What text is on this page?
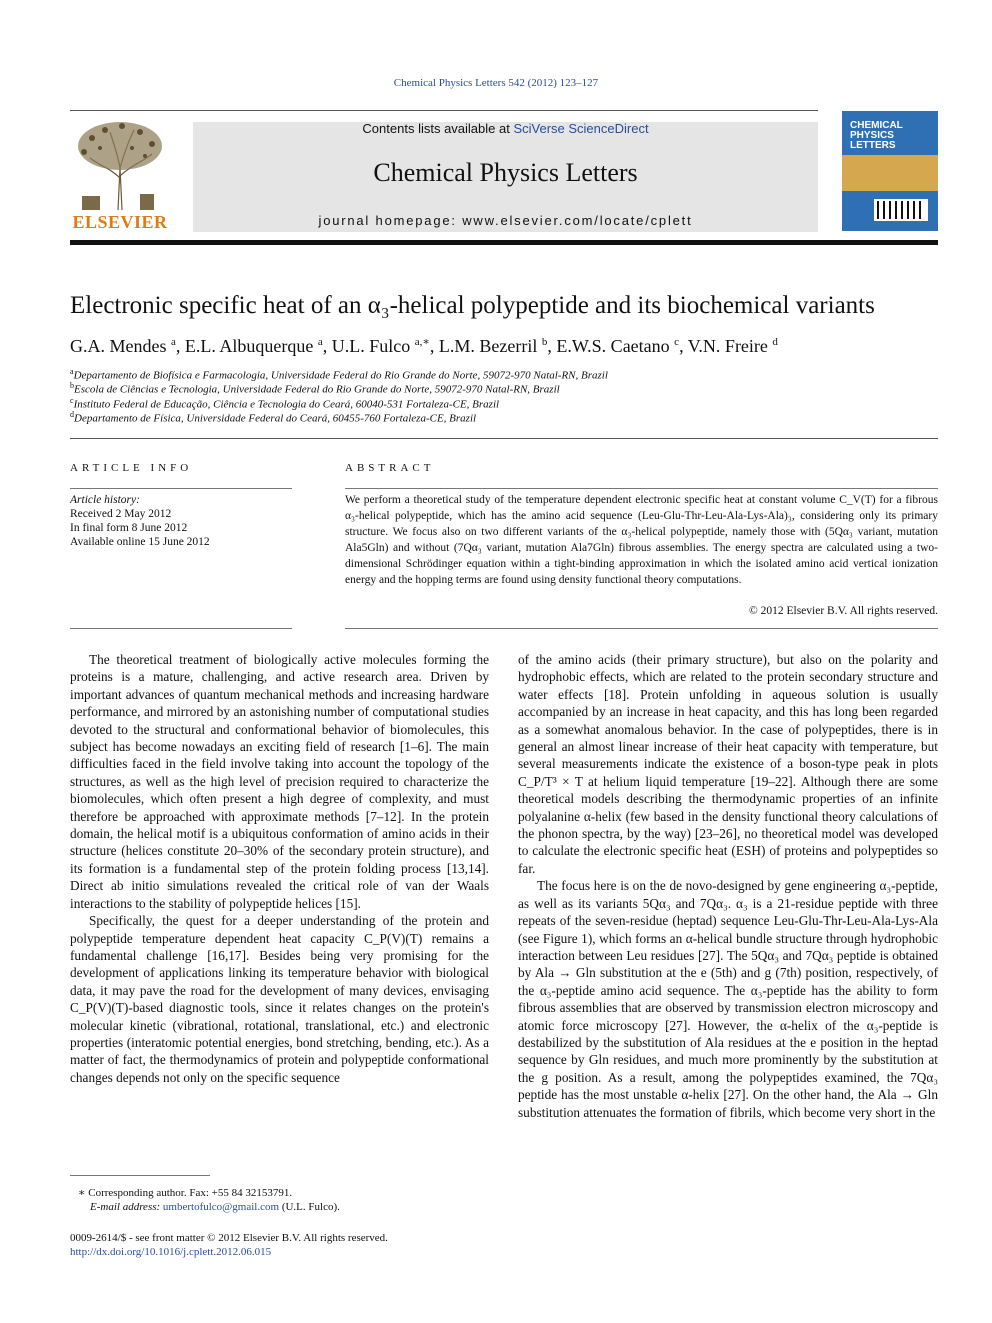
Chemical Physics Letters 542 (2012) 123–127
ELSEVIER
Contents lists available at SciVerse ScienceDirect
Chemical Physics Letters
journal homepage: www.elsevier.com/locate/cplett
CHEMICAL
PHYSICS
LETTERS
Electronic specific heat of an α₃-helical polypeptide and its biochemical variants
G.A. Mendes $^a$, E.L. Albuquerque $^a$, U.L. Fulco $^{a,∗}$, L.M. Bezerril $^b$, E.W.S. Caetano $^c$, V.N. Freire $^d$
$^a$Departamento de Biofísica e Farmacologia, Universidade Federal do Rio Grande do Norte, 59072-970 Natal-RN, Brazil
$^b$Escola de Ciências e Tecnologia, Universidade Federal do Rio Grande do Norte, 59072-970 Natal-RN, Brazil
$^c$Instituto Federal de Educação, Ciência e Tecnologia do Ceará, 60040-531 Fortaleza-CE, Brazil
$^d$Departamento de Física, Universidade Federal do Ceará, 60455-760 Fortaleza-CE, Brazil
ARTICLE INFO
Article history:
Received 2 May 2012
In final form 8 June 2012
Available online 15 June 2012
ABSTRACT
We perform a theoretical study of the temperature dependent electronic specific heat at constant volume C_V(T) for a fibrous α₃-helical polypeptide, which has the amino acid sequence (Leu-Glu-Thr-Leu-Ala-Lys-Ala)₃, considering only its primary structure. We focus also on two different variants of the α₃-helical polypeptide, namely those with (5Qα₃ variant, mutation Ala5Gln) and without (7Qα₃ variant, mutation Ala7Gln) fibrous assemblies. The energy spectra are calculated using a two-dimensional Schrödinger equation within a tight-binding approximation in which the isolated amino acid vertical ionization energy and the hopping terms are found using density functional theory computations.
© 2012 Elsevier B.V. All rights reserved.

The theoretical treatment of biologically active molecules forming the proteins is a mature, challenging, and active research area. Driven by important advances of quantum mechanical methods and increasing hardware performance, and mirrored by an astonishing number of computational studies devoted to the structural and conformational behavior of biomolecules, this subject has become nowadays an exciting field of research [1–6]. The main difficulties faced in the field involve taking into account the topology of the structures, as well as the high level of precision required to characterize the biomolecules, which often present a high degree of complexity, and must therefore be approached with approximate methods [7–12]. In the protein domain, the helical motif is a ubiquitous conformation of amino acids in their structure (helices constitute 20–30% of the secondary protein structure), and its formation is a fundamental step of the protein folding process [13,14]. Direct ab initio simulations revealed the critical role of van der Waals interactions to the stability of polypeptide helices [15].

Specifically, the quest for a deeper understanding of the protein and polypeptide temperature dependent heat capacity C_P(V)(T) remains a fundamental challenge [16,17]. Besides being very promising for the development of applications linking its temperature behavior with biological data, it may pave the road for the development of many devices, envisaging C_P(V)(T)-based diagnostic tools, since it relates changes on the protein's molecular kinetic (vibrational, rotational, translational, etc.) and electronic properties (interatomic potential energies, bond stretching, bending, etc.). As a matter of fact, the thermodynamics of protein and polypeptide conformational changes depends not only on the specific sequence

of the amino acids (their primary structure), but also on the polarity and hydrophobic effects, which are related to the protein secondary structure and water effects [18]. Protein unfolding in aqueous solution is usually accompanied by an increase in heat capacity, and this has long been regarded as a somewhat anomalous behavior. In the case of polypeptides, there is in general an almost linear increase of their heat capacity with temperature, but several measurements indicate the existence of a boson-type peak in plots C_P/T³ × T at helium liquid temperature [19–22]. Although there are some theoretical models describing the thermodynamic properties of an infinite polyalanine α-helix (few based in the density functional theory calculations of the phonon spectra, by the way) [23–26], no theoretical model was developed to calculate the electronic specific heat (ESH) of proteins and polypeptides so far.

The focus here is on the de novo-designed by gene engineering α₃-peptide, as well as its variants 5Qα₃ and 7Qα₃. α₃ is a 21-residue peptide with three repeats of the seven-residue (heptad) sequence Leu-Glu-Thr-Leu-Ala-Lys-Ala (see Figure 1), which forms an α-helical bundle structure through hydrophobic interaction between Leu residues [27]. The 5Qα₃ and 7Qα₃ peptide is obtained by Ala → Gln substitution at the e (5th) and g (7th) position, respectively, of the α₃-peptide amino acid sequence. The α₃-peptide has the ability to form fibrous assemblies that are observed by transmission electron microscopy and atomic force microscopy [27]. However, the α-helix of the α₃-peptide is destabilized by the substitution of Ala residues at the e position in the heptad sequence by Gln residues, and much more prominently by the substitution at the g position. As a result, among the polypeptides examined, the 7Qα₃ peptide has the most unstable α-helix [27]. On the other hand, the Ala → Gln substitution attenuates the formation of fibrils, which become very short in the

∗ Corresponding author. Fax: +55 84 32153791.
E-mail address: umbertofulco@gmail.com (U.L. Fulco).
0009-2614/$ - see front matter © 2012 Elsevier B.V. All rights reserved.
http://dx.doi.org/10.1016/j.cplett.2012.06.015
